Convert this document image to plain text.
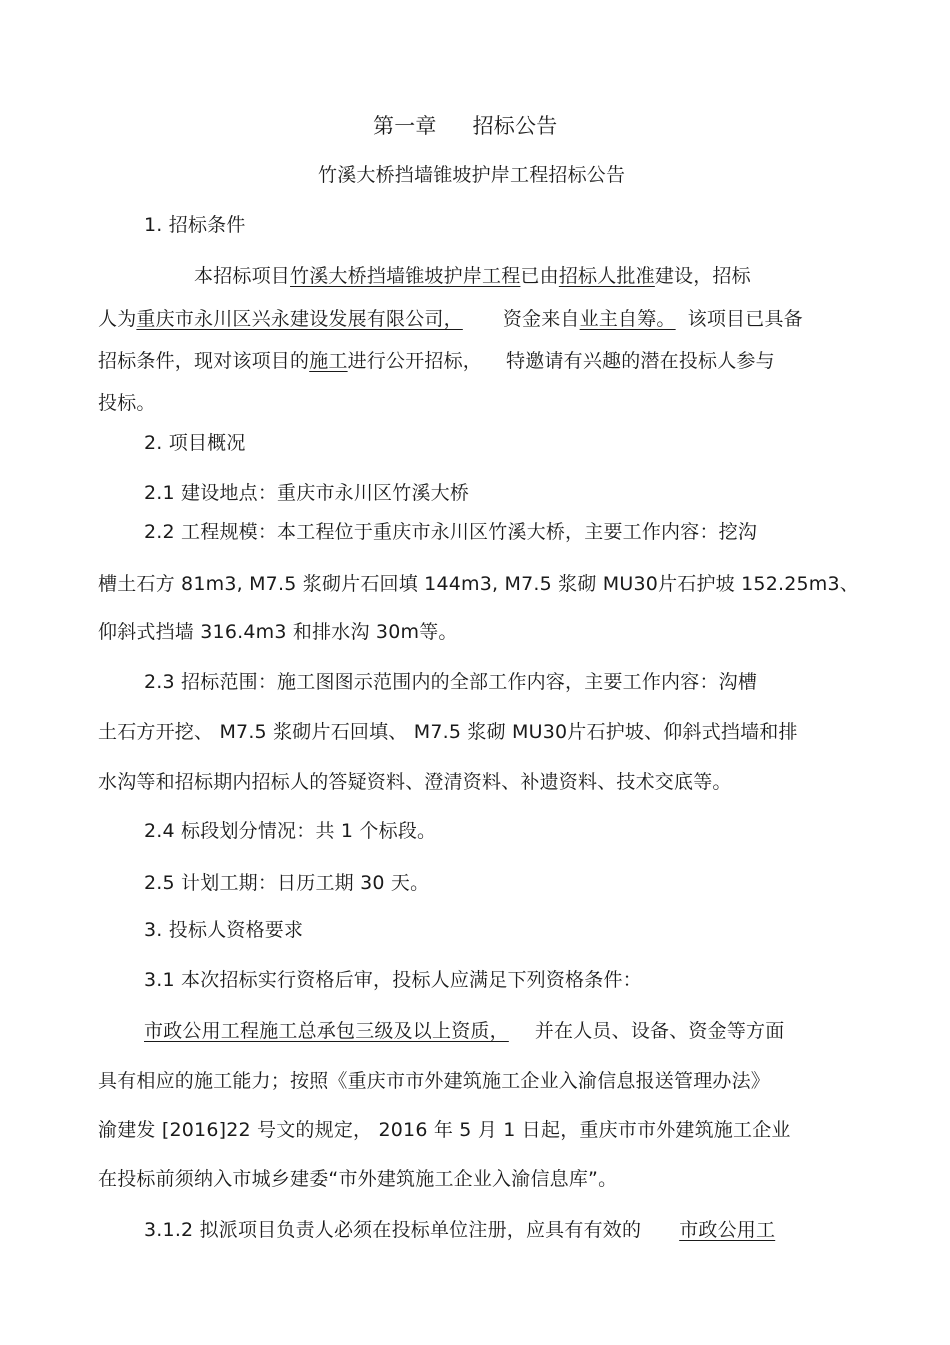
第一章 招标公告
竹溪大桥挡墙锥坡护岸工程招标公告
1. 招标条件
本招标项目竹溪大桥挡墙锥坡护岸工程已由招标人批准建设，招标
人为重庆市永川区兴永建设发展有限公司， 资金来自业主自筹。 该项目已具备
招标条件，现对该项目的施工进行公开招标， 特邀请有兴趣的潜在投标人参与
投标。
2. 项目概况
2.1 建设地点：重庆市永川区竹溪大桥
2.2 工程规模：本工程位于重庆市永川区竹溪大桥，主要工作内容：挖沟
槽土石方 81m3, M7.5 浆砌片石回填 144m3, M7.5 浆砌 MU30片石护坡 152.25m3、
仰斜式挡墙 316.4m3 和排水沟 30m等。
2.3 招标范围：施工图图示范围内的全部工作内容，主要工作内容：沟槽
土石方开挖、 M7.5 浆砌片石回填、 M7.5 浆砌 MU30片石护坡、仰斜式挡墙和排
水沟等和招标期内招标人的答疑资料、澄清资料、补遗资料、技术交底等。
2.4 标段划分情况：共 1 个标段。
2.5 计划工期：日历工期 30 天。
3. 投标人资格要求
3.1 本次招标实行资格后审，投标人应满足下列资格条件：
市政公用工程施工总承包三级及以上资质， 并在人员、设备、资金等方面
具有相应的施工能力；按照《重庆市市外建筑施工企业入渝信息报送管理办法》
渝建发 [2016]22 号文的规定， 2016 年 5 月 1 日起，重庆市市外建筑施工企业
在投标前须纳入市城乡建委“市外建筑施工企业入渝信息库”。
3.1.2 拟派项目负责人必须在投标单位注册，应具有有效的 市政公用工
